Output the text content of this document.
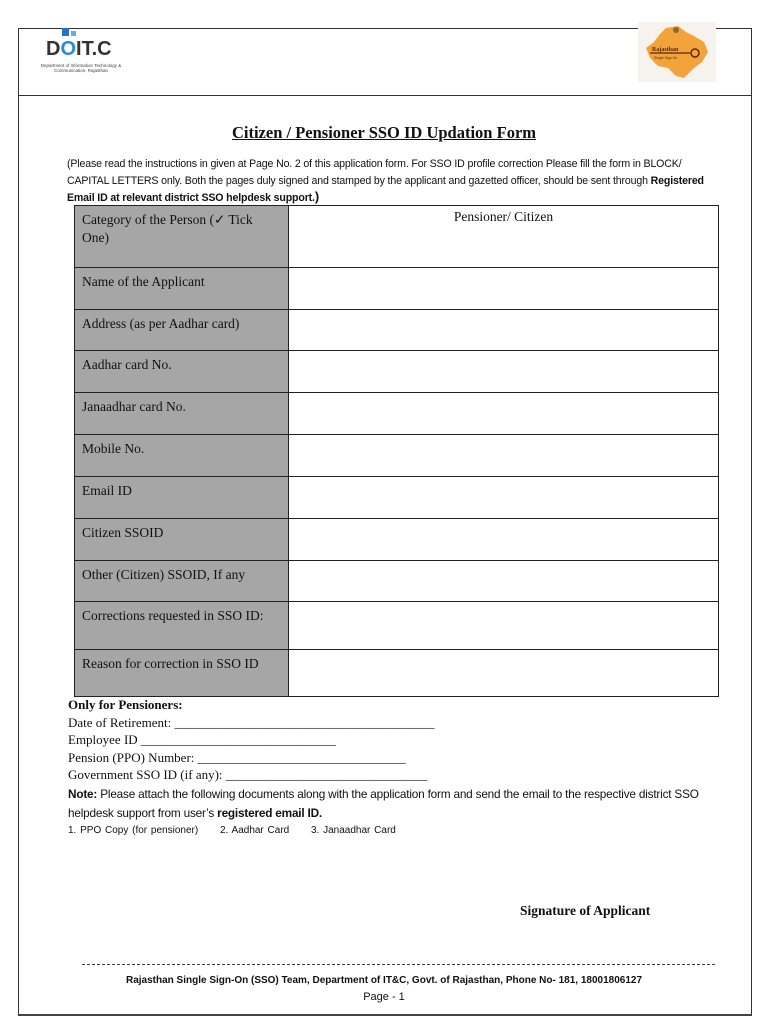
DOIT.C
Department of Information Technology & Communication, Rajasthan
Rajasthan
Single Sign On
Citizen / Pensioner SSO ID Updation Form
(Please read the instructions in given at Page No. 2 of this application form. For SSO ID profile correction Please fill the form in BLOCK/ CAPITAL LETTERS only. Both the pages duly signed and stamped by the applicant and gazetted officer, should be sent through Registered Email ID at relevant district SSO helpdesk support.)
Category of the Person (✓ Tick One)	Pensioner/ Citizen
Name of the Applicant	
Address (as per Aadhar card)	
Aadhar card No.	
Janaadhar card No.	
Mobile No.	
Email ID	
Citizen SSOID	
Other (Citizen) SSOID, If any	
Corrections requested in SSO ID:	
Reason for correction in SSO ID	
Only for Pensioners:
Date of Retirement: ________________________________________
Employee ID ______________________________
Pension (PPO) Number: ________________________________
Government SSO ID (if any): _______________________________
Note: Please attach the following documents along with the application form and send the email to the respective district SSO helpdesk support from user’s registered email ID.
1. PPO Copy (for pensioner) 2. Aadhar Card 3. Janaadhar Card
Signature of Applicant
Rajasthan Single Sign-On (SSO) Team, Department of IT&C, Govt. of Rajasthan, Phone No- 181, 18001806127
Page - 1
